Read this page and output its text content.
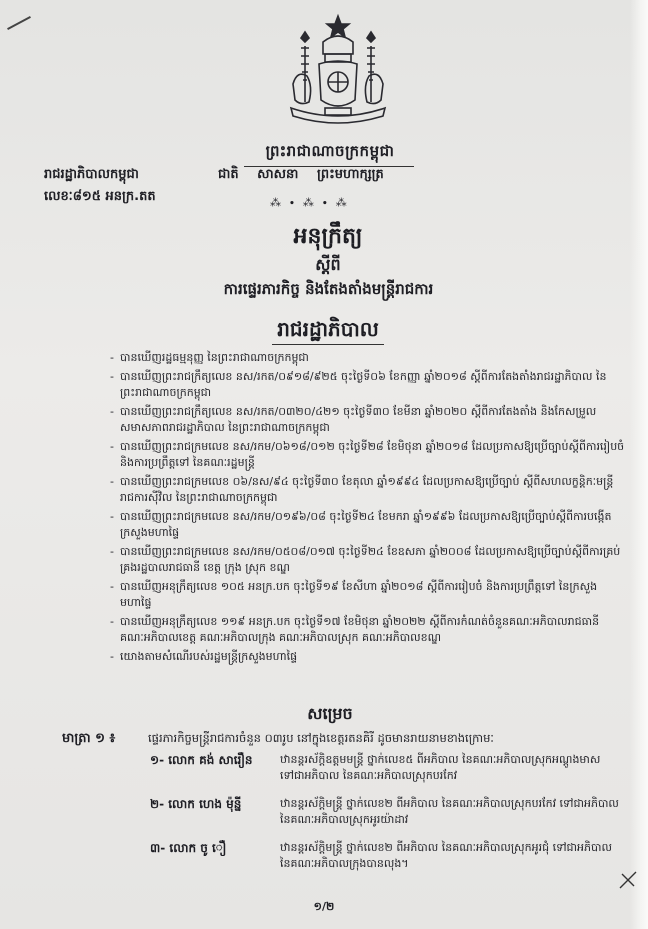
ព្រះរាជាណាចក្រកម្ពុជា
រាជរដ្ឋាភិបាលកម្ពុជា	ជាតិ សាសនា ព្រះមហាក្សត្រ
លេខៈ៨១៥ អនក្រ.តត	⁂ ∙ ⁂ ∙ ⁂
អនុក្រឹត្យ
ស្តីពី
ការផ្ទេរភារកិច្ច និងតែងតាំងមន្ត្រីរាជការ
រាជរដ្ឋាភិបាល
- បានឃើញរដ្ឋធម្មនុញ្ញ នៃព្រះរាជាណាចក្រកម្ពុជា
- បានឃើញព្រះរាជក្រឹត្យលេខ នស/រកត/០៩១៨/៩២៥ ចុះថ្ងៃទី០៦ ខែកញ្ញា ឆ្នាំ២០១៨ ស្តីពីការតែងតាំងរាជរដ្ឋាភិបាល នៃព្រះរាជាណាចក្រកម្ពុជា
- បានឃើញព្រះរាជក្រឹត្យលេខ នស/រកត/០៣២០/៤២១ ចុះថ្ងៃទី៣០ ខែមីនា ឆ្នាំ២០២០ ស្តីពីការតែងតាំង និងកែសម្រួលសមាសភាពរាជរដ្ឋាភិបាល នៃព្រះរាជាណាចក្រកម្ពុជា
- បានឃើញព្រះរាជក្រមលេខ នស/រកម/០៦១៨/០១២ ចុះថ្ងៃទី២៨ ខែមិថុនា ឆ្នាំ២០១៨ ដែលប្រកាសឱ្យប្រើច្បាប់ស្តីពីការរៀបចំ និងការប្រព្រឹត្តទៅ នៃគណៈរដ្ឋមន្ត្រី
- បានឃើញព្រះរាជក្រមលេខ ០៦/នស/៩៤ ចុះថ្ងៃទី៣០ ខែតុលា ឆ្នាំ១៩៩៤ ដែលប្រកាសឱ្យប្រើច្បាប់ ស្តីពីសហលក្ខន្តិកៈមន្ត្រីរាជការស៊ីវិល នៃព្រះរាជាណាចក្រកម្ពុជា
- បានឃើញព្រះរាជក្រមលេខ នស/រកម/០១៩៦/០៨ ចុះថ្ងៃទី២៤ ខែមករា ឆ្នាំ១៩៩៦ ដែលប្រកាសឱ្យប្រើច្បាប់ស្តីពីការបង្កើតក្រសួងមហាផ្ទៃ
- បានឃើញព្រះរាជក្រមលេខ នស/រកម/០៥០៨/០១៧ ចុះថ្ងៃទី២៤ ខែឧសភា ឆ្នាំ២០០៨ ដែលប្រកាសឱ្យប្រើច្បាប់ស្តីពីការគ្រប់គ្រងរដ្ឋបាលរាជធានី ខេត្ត ក្រុង ស្រុក ខណ្ឌ
- បានឃើញអនុក្រឹត្យលេខ ១០៥ អនក្រ.បក ចុះថ្ងៃទី១៩ ខែសីហា ឆ្នាំ២០១៨ ស្តីពីការរៀបចំ និងការប្រព្រឹត្តទៅ នៃក្រសួងមហាផ្ទៃ
- បានឃើញអនុក្រឹត្យលេខ ១១៩ អនក្រ.បក ចុះថ្ងៃទី១៧ ខែមិថុនា ឆ្នាំ២០២២ ស្តីពីការកំណត់ចំនួនគណៈអភិបាលរាជធានី គណៈអភិបាលខេត្ត គណៈអភិបាលក្រុង គណៈអភិបាលស្រុក គណៈអភិបាលខណ្ឌ
- យោងតាមសំណើរបស់រដ្ឋមន្ត្រីក្រសួងមហាផ្ទៃ
សម្រេច
មាត្រា ១ ៖	ផ្ទេរភារកិច្ចមន្ត្រីរាជការចំនួន ០៣រូប នៅក្នុងខេត្តរតនគិរី ដូចមានរាយនាមខាងក្រោមៈ
១- លោក គង់ សារឿន	ឋានន្តរស័ក្តិឧត្តមមន្ត្រី ថ្នាក់លេខ៥ ពីអភិបាល នៃគណៈអភិបាលស្រុកអណ្តូងមាស ទៅជាអភិបាល នៃគណៈអភិបាលស្រុកបរកែវ
២- លោក ហេង ម៉ុន្នី	ឋានន្តរស័ក្តិមន្ត្រី ថ្នាក់លេខ២ ពីអភិបាល នៃគណៈអភិបាលស្រុកបរកែវ ទៅជាអភិបាល នៃគណៈអភិបាលស្រុកអូរយ៉ាដាវ
៣- លោក ចូ ឿ	ឋានន្តរស័ក្តិមន្ត្រី ថ្នាក់លេខ២ ពីអភិបាល នៃគណៈអភិបាលស្រុកអូរជុំ ទៅជាអភិបាល នៃគណៈអភិបាលក្រុងបានលុង។
១/២
